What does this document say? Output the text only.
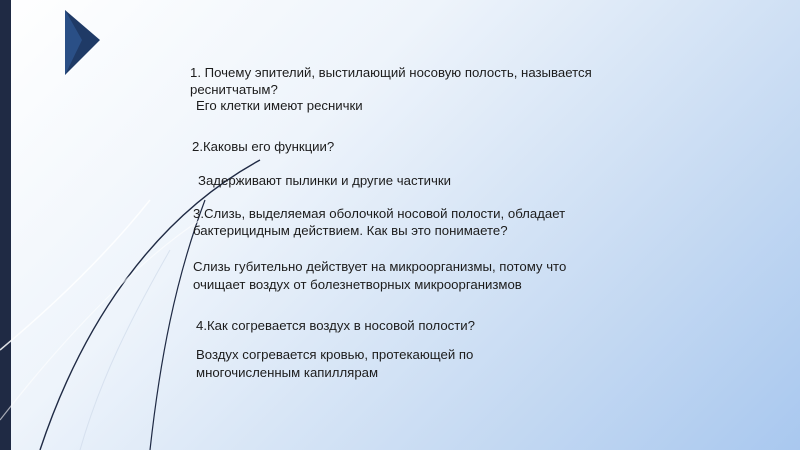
1. Почему эпителий, выстилающий носовую полость, называется

реснитчатым?

Его клетки имеют реснички

2.Каковы его функции?

Задерживают пылинки и другие частички

3.Слизь, выделяемая оболочкой носовой полости, обладает

бактерицидным действием. Как вы это понимаете?

Слизь губительно действует на микроорганизмы, потому что

очищает воздух от болезнетворных микроорганизмов

4.Как согревается воздух в носовой полости?

Воздух согревается кровью, протекающей по

многочисленным капиллярам
